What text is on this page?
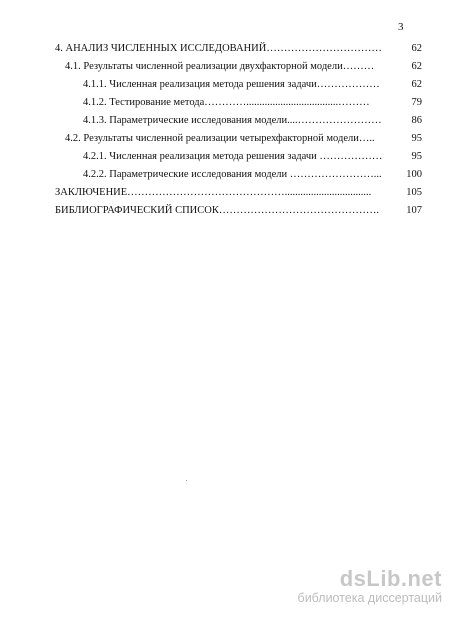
3
4. АНАЛИЗ ЧИСЛЕННЫХ ИССЛЕДОВАНИЙ……………………………	62
4.1. Результаты численной реализации двухфакторной модели………	62
4.1.1. Численная реализация метода решения задачи………………	62
4.1.2. Тестирование метода…………...................................………	79
4.1.3. Параметрические исследования модели....……………………	86
4.2. Результаты численной реализации четырехфакторной модели…..	95
4.2.1. Численная реализация метода решения задачи ………………	95
4.2.2. Параметрические исследования модели ……………………...	100
ЗАКЛЮЧЕНИЕ……………………………………….................................	105
БИБЛИОГРАФИЧЕСКИЙ СПИСОК……………………………………….	107
dsLib.net
библиотека диссертаций
